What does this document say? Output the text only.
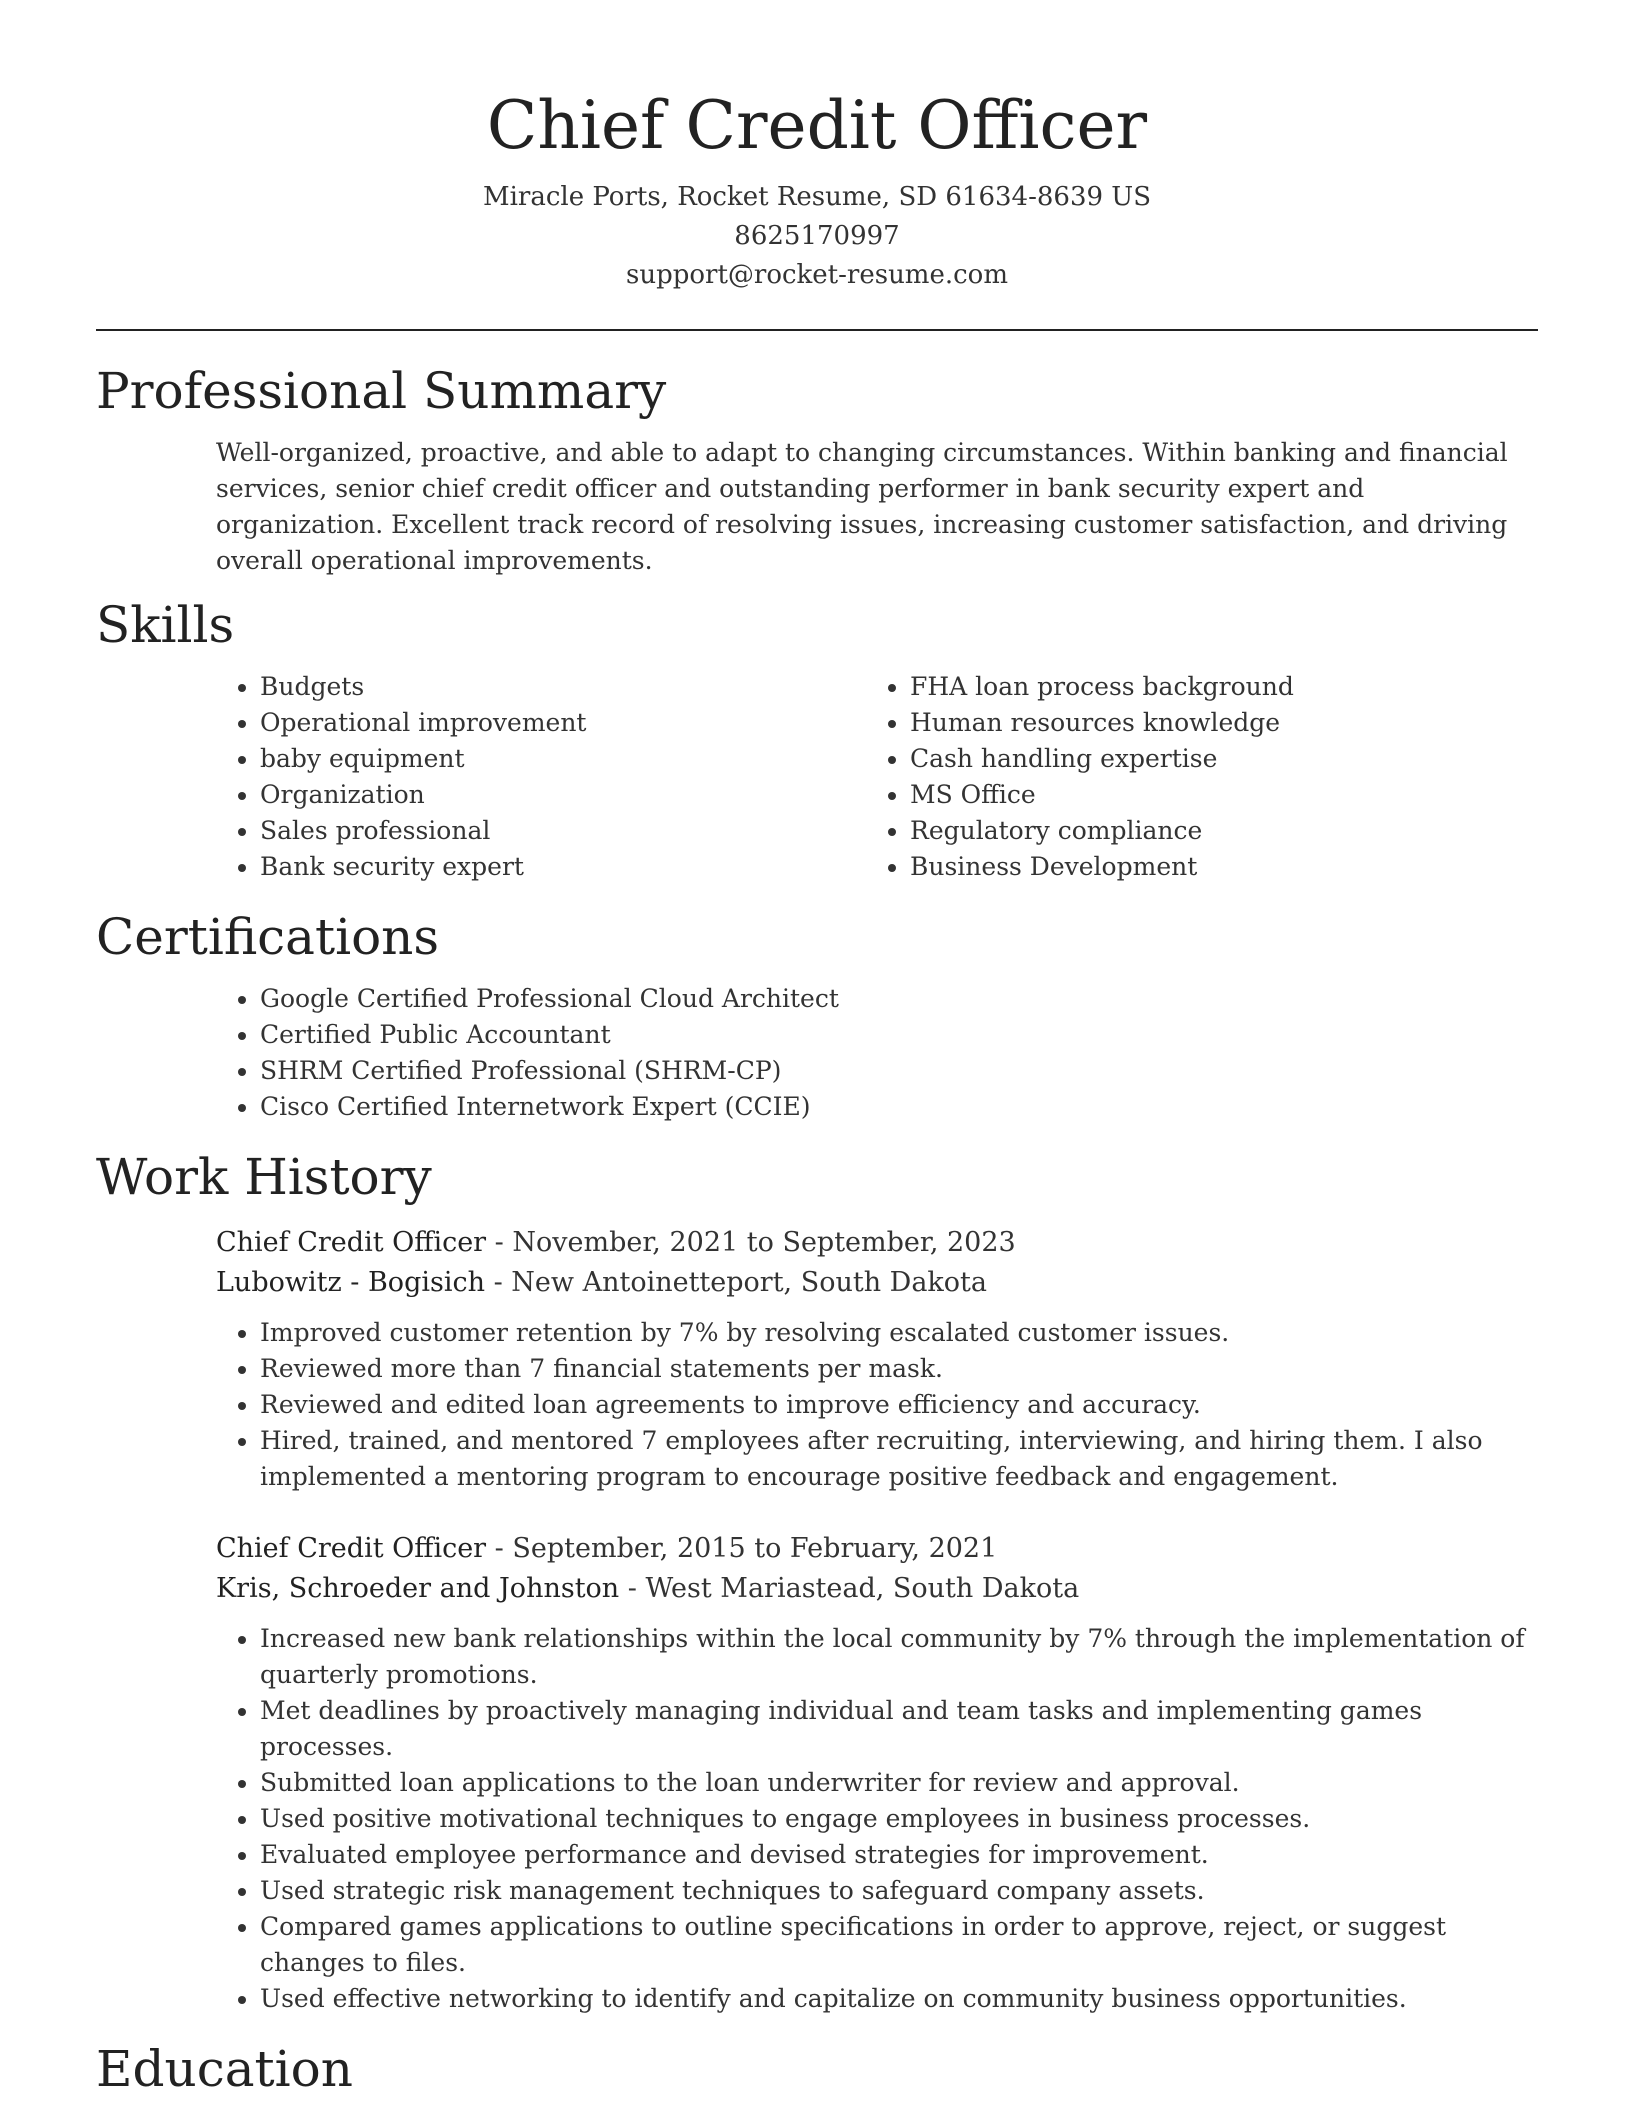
Chief Credit Officer
Miracle Ports, Rocket Resume, SD 61634-8639 US
8625170997
support@rocket-resume.com
Professional Summary

Well-organized, proactive, and able to adapt to changing circumstances. Within banking and financial services, senior chief credit officer and outstanding performer in bank security expert and organization. Excellent track record of resolving issues, increasing customer satisfaction, and driving overall operational improvements.

Skills
• Budgets
• Operational improvement
• baby equipment
• Organization
• Sales professional
• Bank security expert
• FHA loan process background
• Human resources knowledge
• Cash handling expertise
• MS Office
• Regulatory compliance
• Business Development
Certifications
• Google Certified Professional Cloud Architect
• Certified Public Accountant
• SHRM Certified Professional (SHRM-CP)
• Cisco Certified Internetwork Expert (CCIE)
Work History
Chief Credit Officer - November, 2021 to September, 2023
Lubowitz - Bogisich - New Antoinetteport, South Dakota
• Improved customer retention by 7% by resolving escalated customer issues.
• Reviewed more than 7 financial statements per mask.
• Reviewed and edited loan agreements to improve efficiency and accuracy.
• Hired, trained, and mentored 7 employees after recruiting, interviewing, and hiring them. I also implemented a mentoring program to encourage positive feedback and engagement.
Chief Credit Officer - September, 2015 to February, 2021
Kris, Schroeder and Johnston - West Mariastead, South Dakota
• Increased new bank relationships within the local community by 7% through the implementation of quarterly promotions.
• Met deadlines by proactively managing individual and team tasks and implementing games processes.
• Submitted loan applications to the loan underwriter for review and approval.
• Used positive motivational techniques to engage employees in business processes.
• Evaluated employee performance and devised strategies for improvement.
• Used strategic risk management techniques to safeguard company assets.
• Compared games applications to outline specifications in order to approve, reject, or suggest changes to files.
• Used effective networking to identify and capitalize on community business opportunities.
Education
